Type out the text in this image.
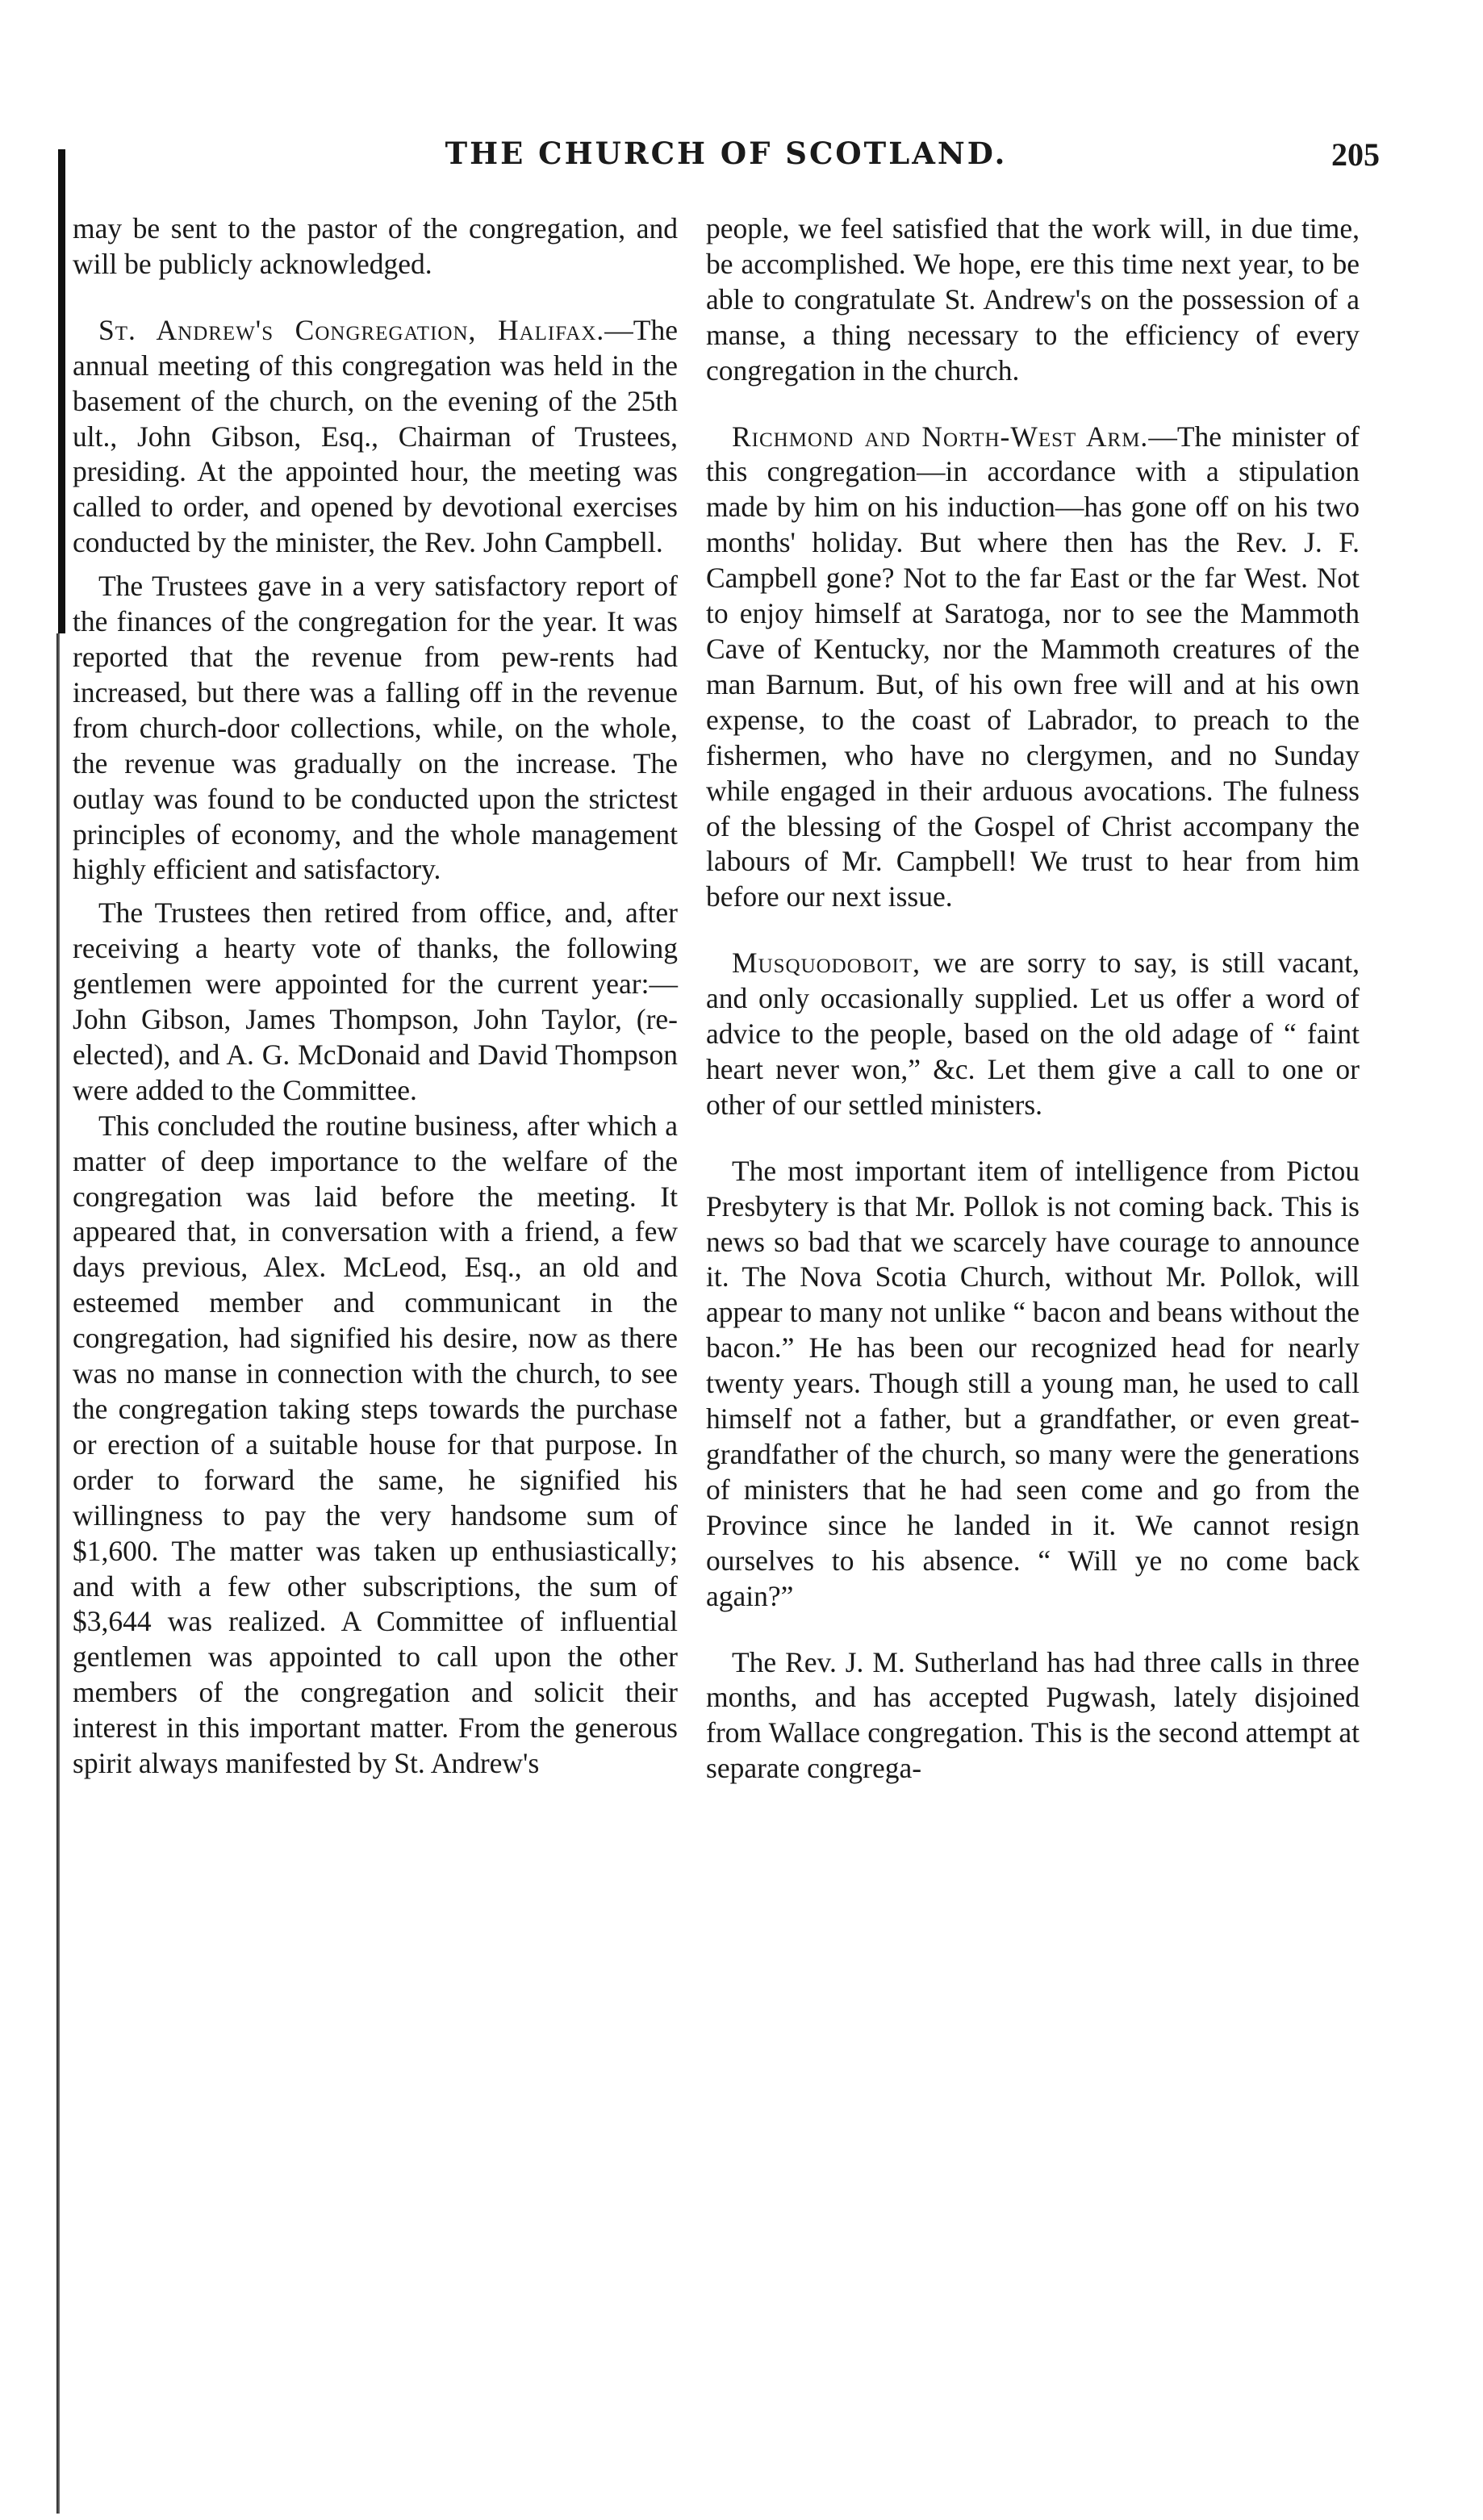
THE CHURCH OF SCOTLAND.	205

may be sent to the pastor of the congregation, and will be publicly acknowledged.

St. Andrew's Congregation, Halifax.—The annual meeting of this congregation was held in the basement of the church, on the evening of the 25th ult., John Gibson, Esq., Chairman of Trustees, presiding. At the appointed hour, the meeting was called to order, and opened by devotional exercises conducted by the minister, the Rev. John Campbell.

The Trustees gave in a very satisfactory report of the finances of the congregation for the year. It was reported that the revenue from pew-rents had increased, but there was a falling off in the revenue from church-door collections, while, on the whole, the revenue was gradually on the increase. The outlay was found to be conducted upon the strictest principles of economy, and the whole management highly efficient and satisfactory.

The Trustees then retired from office, and, after receiving a hearty vote of thanks, the following gentlemen were appointed for the current year:—John Gibson, James Thompson, John Taylor, (re-elected), and A. G. McDonaid and David Thompson were added to the Committee.

This concluded the routine business, after which a matter of deep importance to the welfare of the congregation was laid before the meeting. It appeared that, in conversation with a friend, a few days previous, Alex. McLeod, Esq., an old and esteemed member and communicant in the congregation, had signified his desire, now as there was no manse in connection with the church, to see the congregation taking steps towards the purchase or erection of a suitable house for that purpose. In order to forward the same, he signified his willingness to pay the very handsome sum of $1,600. The matter was taken up enthusiastically; and with a few other subscriptions, the sum of $3,644 was realized. A Committee of influential gentlemen was appointed to call upon the other members of the congregation and solicit their interest in this important matter. From the generous spirit always manifested by St. Andrew's

people, we feel satisfied that the work will, in due time, be accomplished. We hope, ere this time next year, to be able to congratulate St. Andrew's on the possession of a manse, a thing necessary to the efficiency of every congregation in the church.

Richmond and North-West Arm.—The minister of this congregation—in accordance with a stipulation made by him on his induction—has gone off on his two months' holiday. But where then has the Rev. J. F. Campbell gone? Not to the far East or the far West. Not to enjoy himself at Saratoga, nor to see the Mammoth Cave of Kentucky, nor the Mammoth creatures of the man Barnum. But, of his own free will and at his own expense, to the coast of Labrador, to preach to the fishermen, who have no clergymen, and no Sunday while engaged in their arduous avocations. The fulness of the blessing of the Gospel of Christ accompany the labours of Mr. Campbell! We trust to hear from him before our next issue.

Musquodoboit, we are sorry to say, is still vacant, and only occasionally supplied. Let us offer a word of advice to the people, based on the old adage of “ faint heart never won,” &c. Let them give a call to one or other of our settled ministers.

The most important item of intelligence from Pictou Presbytery is that Mr. Pollok is not coming back. This is news so bad that we scarcely have courage to announce it. The Nova Scotia Church, without Mr. Pollok, will appear to many not unlike “ bacon and beans without the bacon.” He has been our recognized head for nearly twenty years. Though still a young man, he used to call himself not a father, but a grandfather, or even great-grandfather of the church, so many were the generations of ministers that he had seen come and go from the Province since he landed in it. We cannot resign ourselves to his absence. “ Will ye no come back again?”

The Rev. J. M. Sutherland has had three calls in three months, and has accepted Pugwash, lately disjoined from Wallace congregation. This is the second attempt at separate congrega-
